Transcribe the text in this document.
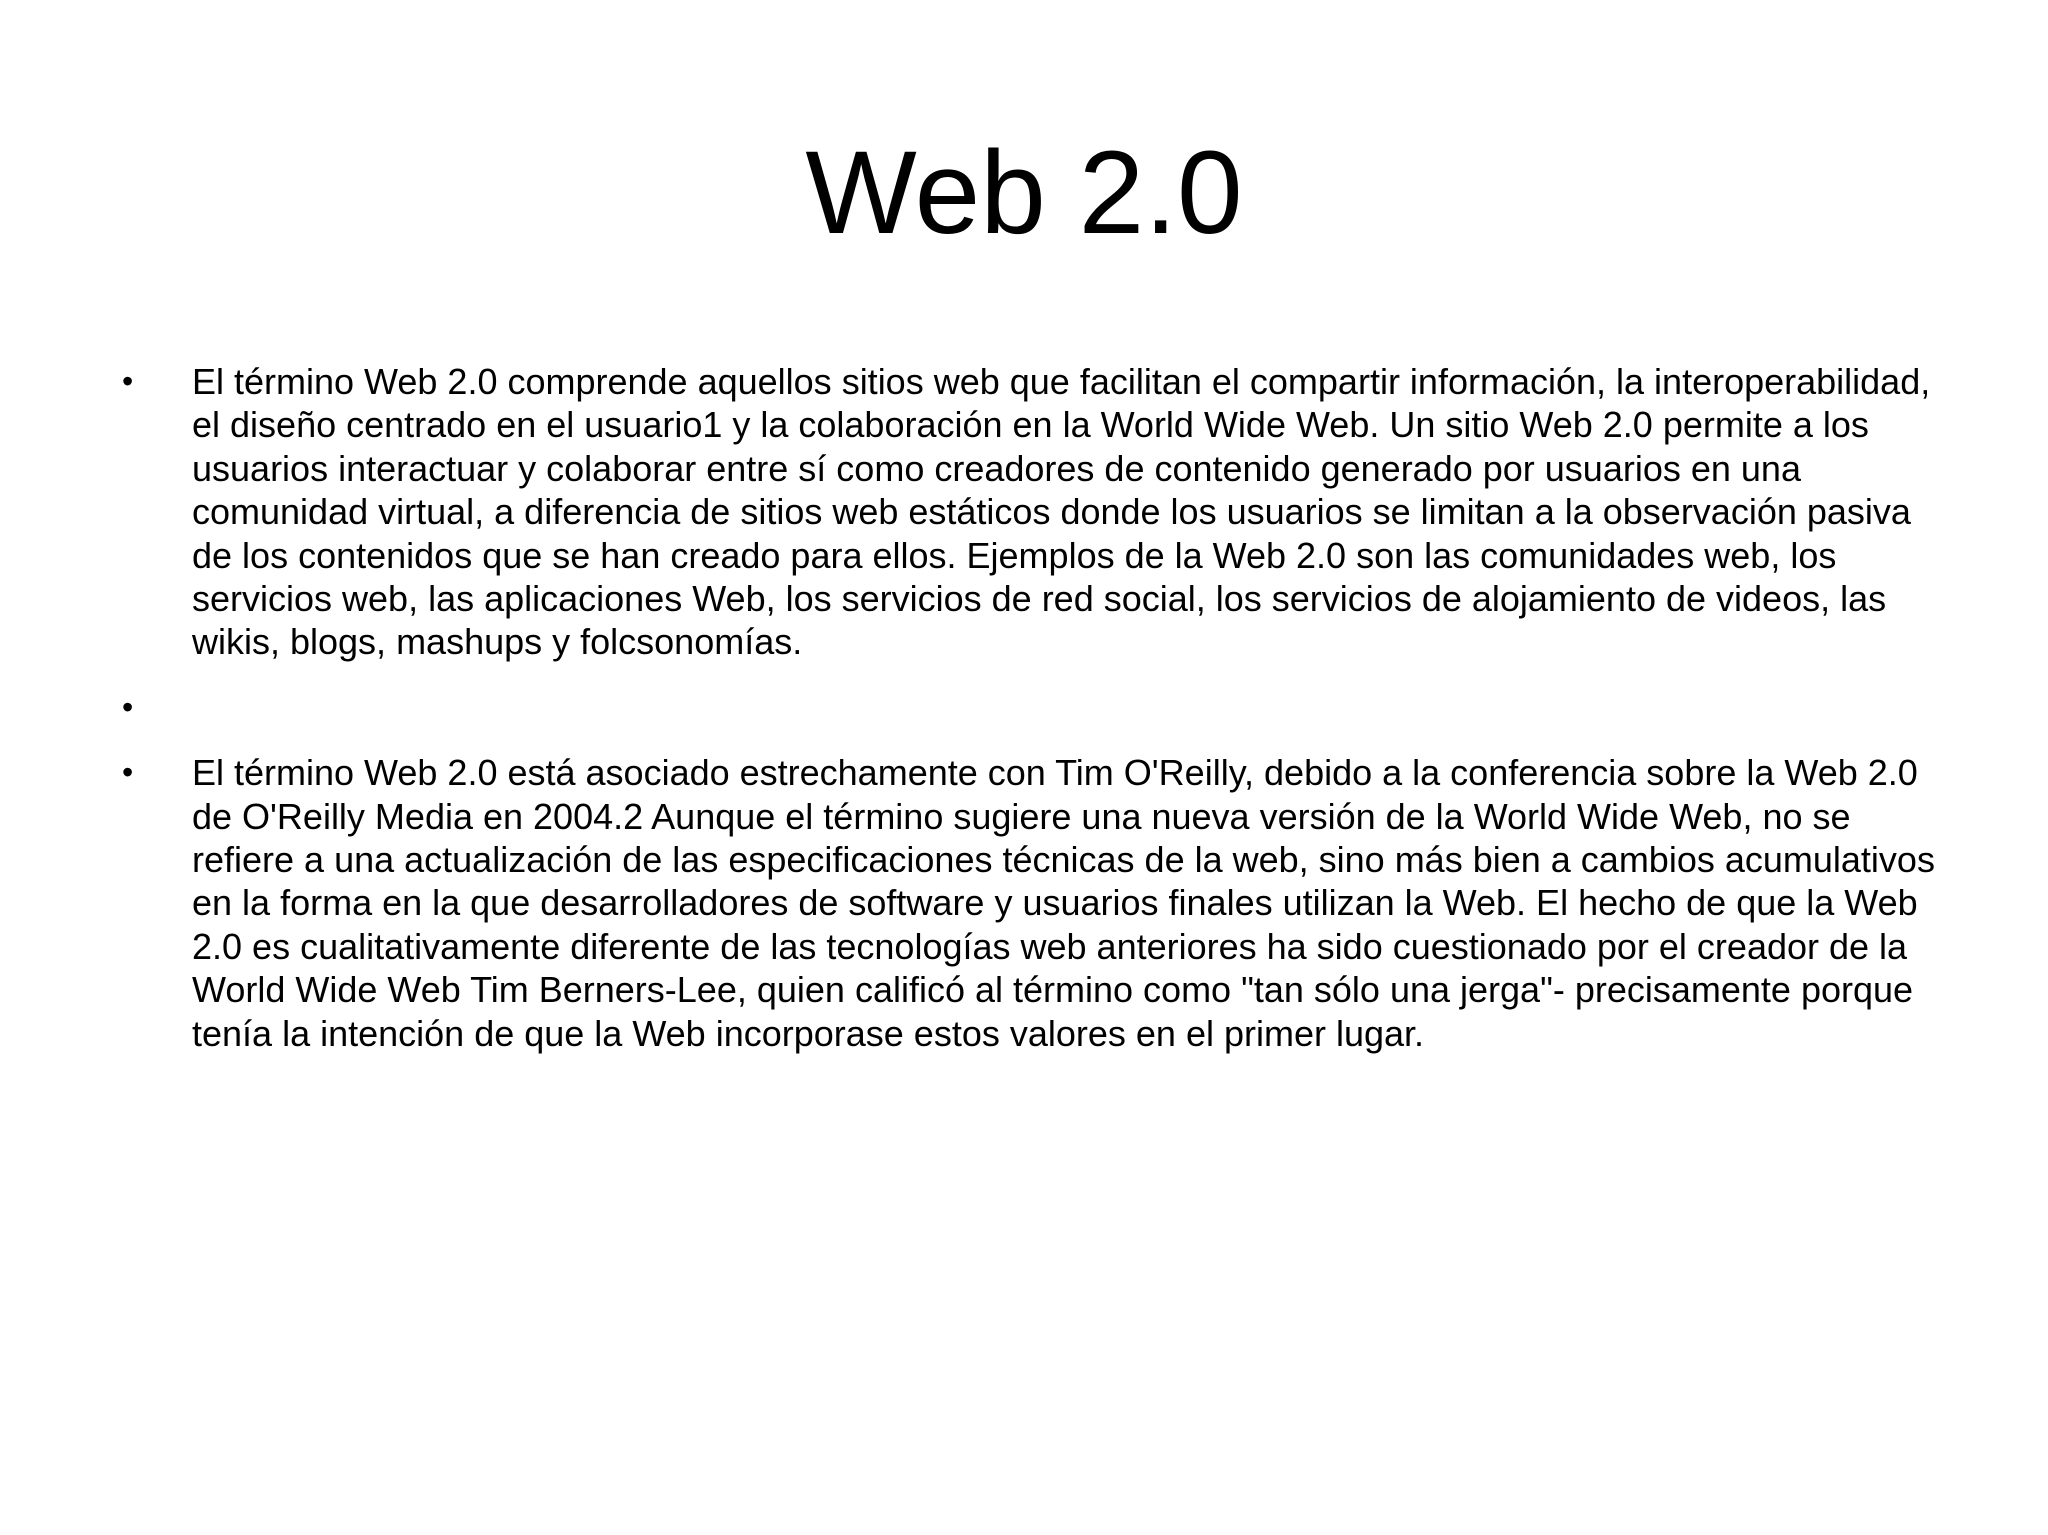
Web 2.0
• El término Web 2.0 comprende aquellos sitios web que facilitan el compartir información, la interoperabilidad, el diseño centrado en el usuario1 y la colaboración en la World Wide Web. Un sitio Web 2.0 permite a los usuarios interactuar y colaborar entre sí como creadores de contenido generado por usuarios en una comunidad virtual, a diferencia de sitios web estáticos donde los usuarios se limitan a la observación pasiva de los contenidos que se han creado para ellos. Ejemplos de la Web 2.0 son las comunidades web, los servicios web, las aplicaciones Web, los servicios de red social, los servicios de alojamiento de videos, las wikis, blogs, mashups y folcsonomías.
•
• El término Web 2.0 está asociado estrechamente con Tim O'Reilly, debido a la conferencia sobre la Web 2.0 de O'Reilly Media en 2004.2 Aunque el término sugiere una nueva versión de la World Wide Web, no se refiere a una actualización de las especificaciones técnicas de la web, sino más bien a cambios acumulativos en la forma en la que desarrolladores de software y usuarios finales utilizan la Web. El hecho de que la Web 2.0 es cualitativamente diferente de las tecnologías web anteriores ha sido cuestionado por el creador de la World Wide Web Tim Berners-Lee, quien calificó al término como "tan sólo una jerga"- precisamente porque tenía la intención de que la Web incorporase estos valores en el primer lugar.
